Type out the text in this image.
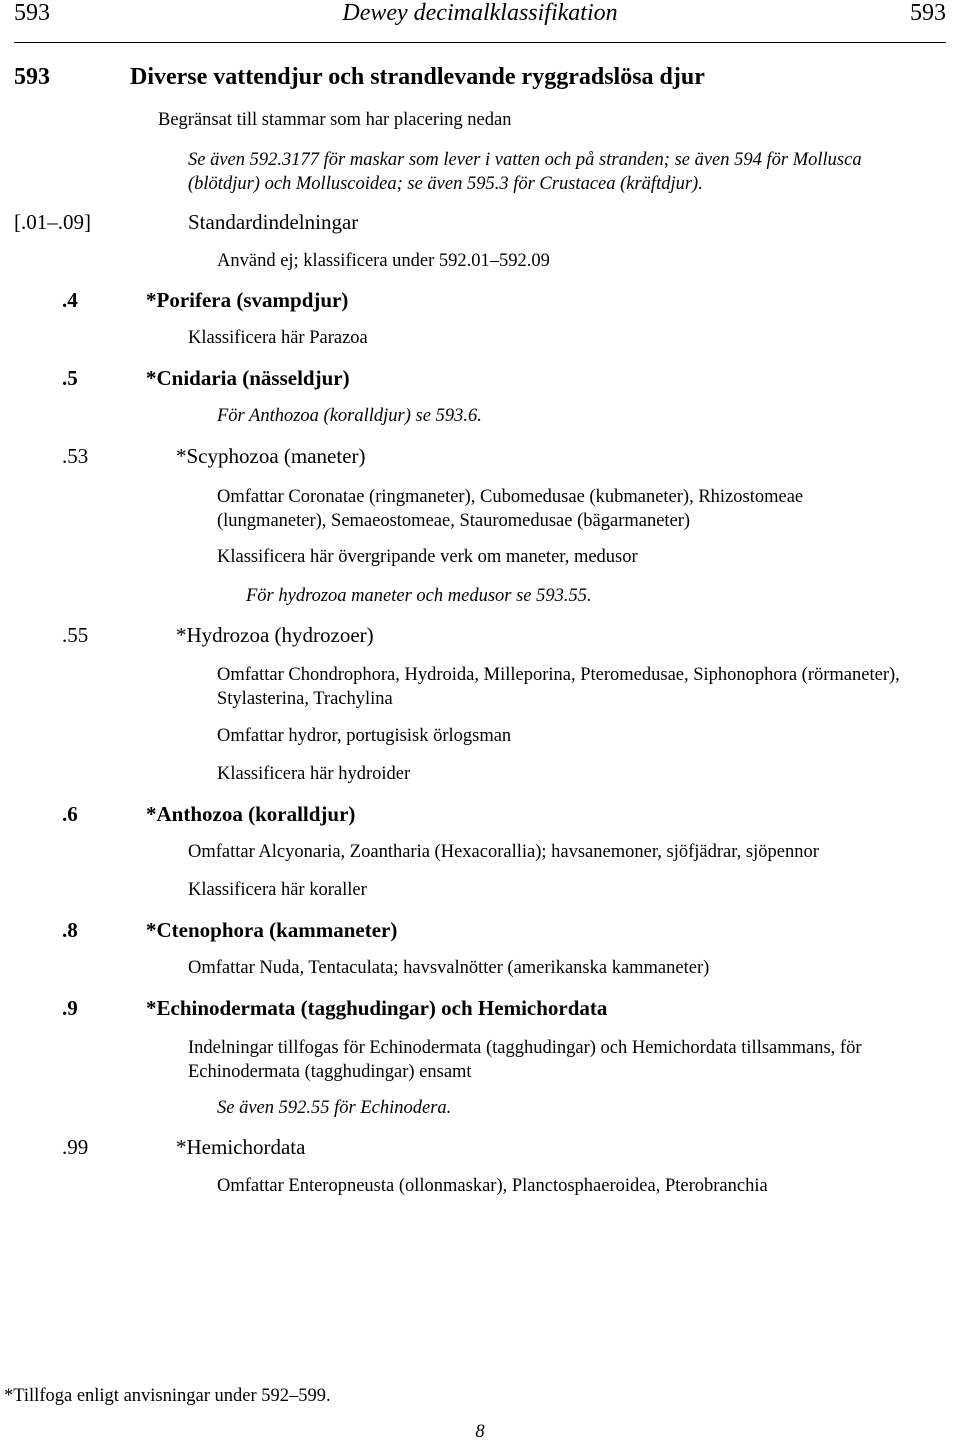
593	Dewey decimalklassifikation	593
593	Diverse vattendjur och strandlevande ryggradslösa djur
Begränsat till stammar som har placering nedan
Se även 592.3177 för maskar som lever i vatten och på stranden; se även 594 för Mollusca (blötdjur) och Molluscoidea; se även 595.3 för Crustacea (kräftdjur).
[.01–.09]	Standardindelningar
Använd ej; klassificera under 592.01–592.09
.4	*Porifera (svampdjur)
Klassificera här Parazoa
.5	*Cnidaria (nässeldjur)
För Anthozoa (koralldjur) se 593.6.
.53	*Scyphozoa (maneter)
Omfattar Coronatae (ringmaneter), Cubomedusae (kubmaneter), Rhizostomeae (lungmaneter), Semaeostomeae, Stauromedusae (bägarmaneter)
Klassificera här övergripande verk om maneter, medusor
För hydrozoa maneter och medusor se 593.55.
.55	*Hydrozoa (hydrozoer)
Omfattar Chondrophora, Hydroida, Milleporina, Pteromedusae, Siphonophora (rörmaneter), Stylasterina, Trachylina
Omfattar hydror, portugisisk örlogsman
Klassificera här hydroider
.6	*Anthozoa (koralldjur)
Omfattar Alcyonaria, Zoantharia (Hexacorallia); havsanemoner, sjöfjädrar, sjöpennor
Klassificera här koraller
.8	*Ctenophora (kammaneter)
Omfattar Nuda, Tentaculata; havsvalnötter (amerikanska kammaneter)
.9	*Echinodermata (tagghudingar) och Hemichordata
Indelningar tillfogas för Echinodermata (tagghudingar) och Hemichordata tillsammans, för Echinodermata (tagghudingar) ensamt
Se även 592.55 för Echinodera.
.99	*Hemichordata
Omfattar Enteropneusta (ollonmaskar), Planctosphaeroidea, Pterobranchia
*Tillfoga enligt anvisningar under 592–599.
8
